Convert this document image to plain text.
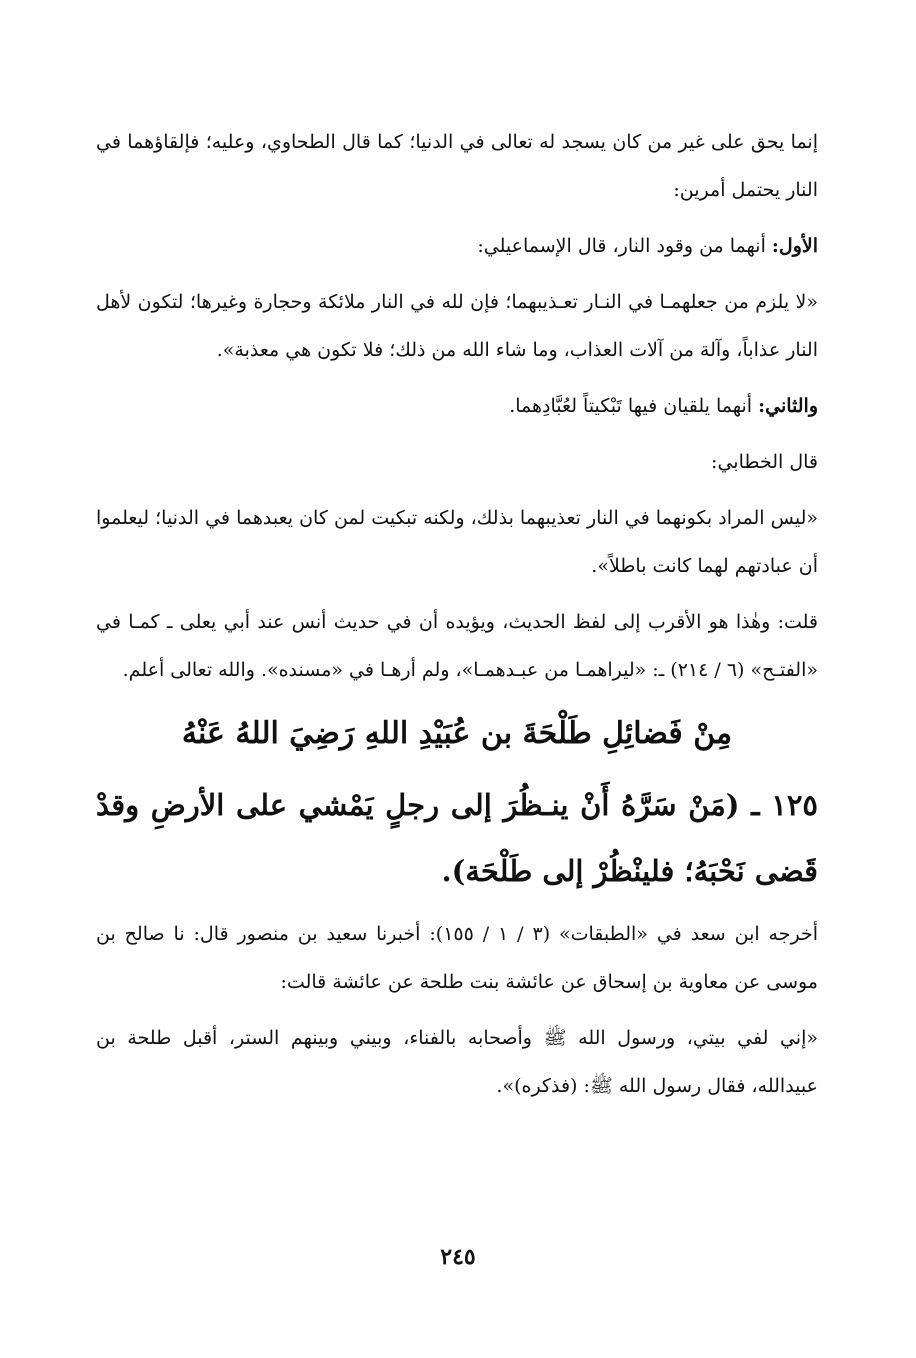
إنما يحق على غير من كان يسجد له تعالى في الدنيا؛ كما قال الطحاوي، وعليه؛ فإلقاؤهما في النار يحتمل أمرين:

الأول: أنهما من وقود النار، قال الإسماعيلي:

«لا يلزم من جعلهمـا في النـار تعـذيبهما؛ فإن لله في النار ملائكة وحجارة وغيرها؛ لتكون لأهل النار عذاباً، وآلة من آلات العذاب، وما شاء الله من ذلك؛ فلا تكون هي معذبة».

والثاني: أنهما يلقيان فيها تَبْكيتاً لعُبَّادِهما.

قال الخطابي:

«ليس المراد بكونهما في النار تعذيبهما بذلك، ولكنه تبكيت لمن كان يعبدهما في الدنيا؛ ليعلموا أن عبادتهم لهما كانت باطلاً».

قلت: وهٰذا هو الأقرب إلى لفظ الحديث، ويؤيده أن في حديث أنس عند أبي يعلى ـ كمـا في «الفتـح» (٦ / ٢١٤) ـ: «ليراهمـا من عبـدهمـا»، ولم أرهـا في «مسنده». والله تعالى أعلم.

مِنْ فَضائِلِ طَلْحَةَ بن عُبَيْدِ اللهِ رَضِيَ اللهُ عَنْهُ
١٢٥ ـ (مَنْ سَرَّهُ أَنْ ينـظُرَ إلى رجلٍ يَمْشي على الأرضِ وقدْ قَضى نَحْبَهُ؛ فلينْظُرْ إلى طَلْحَة).

أخرجه ابن سعد في «الطبقات» (٣ / ١ / ١٥٥): أخبرنا سعيد بن منصور قال: نا صالح بن موسى عن معاوية بن إسحاق عن عائشة بنت طلحة عن عائشة قالت:

«إني لفي بيتي، ورسول الله ﷺ وأصحابه بالفناء، وبيني وبينهم الستر، أقبل طلحة بن عبيدالله، فقال رسول الله ﷺ: (فذكره)».

٢٤٥
